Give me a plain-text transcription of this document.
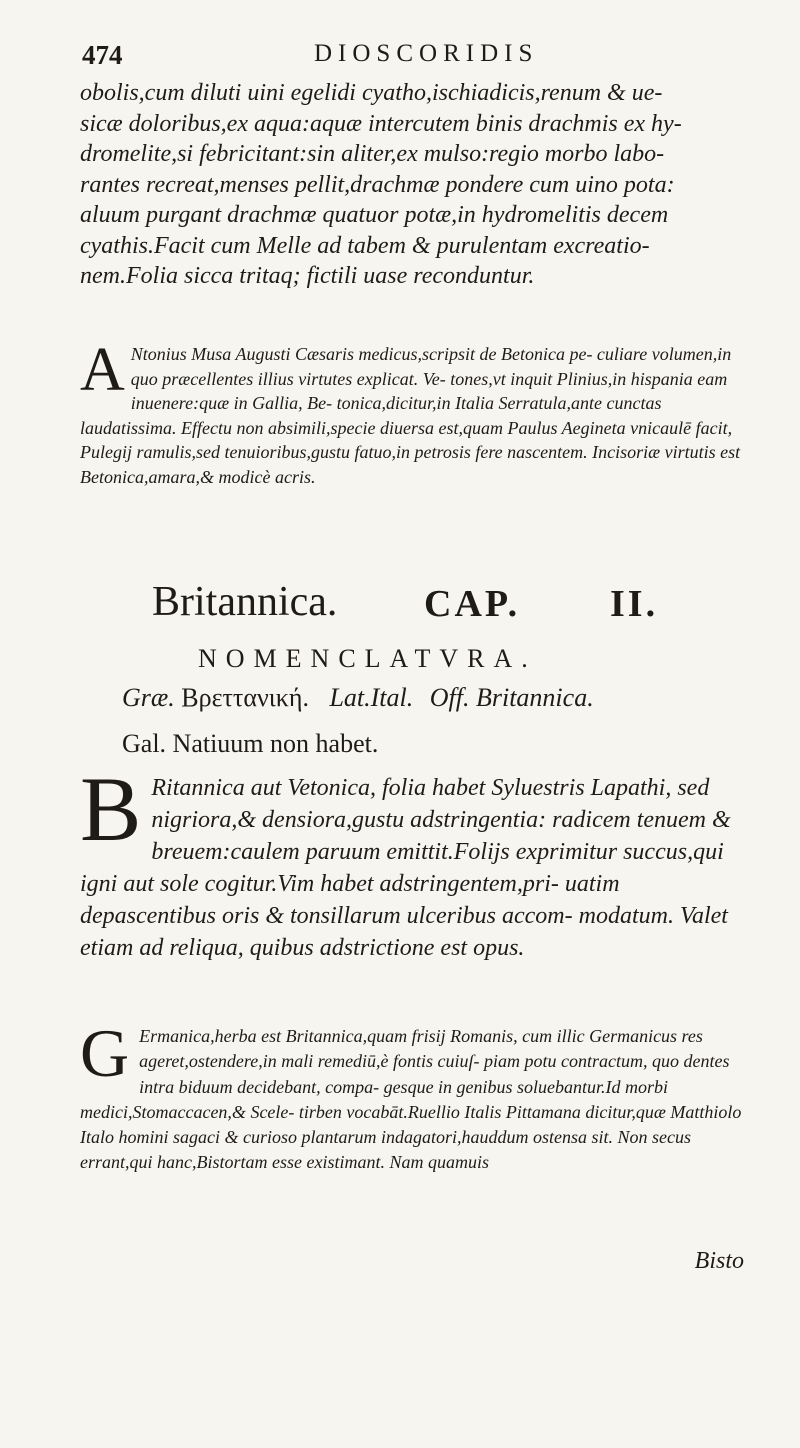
474	DIOSCORIDIS
obolis,cum diluti uini egelidi cyatho,ischiadicis,renum & ue-
sicæ doloribus,ex aqua:aquæ intercutem binis drachmis ex hy-
dromelite,si febricitant:sin aliter,ex mulso:regio morbo labo-
rantes recreat,menses pellit,drachmæ pondere cum uino pota:
aluum purgant drachmæ quatuor potæ,in hydromelitis decem
cyathis.Facit cum Melle ad tabem & purulentam excreatio-
nem.Folia sicca tritaq; fictili uase reconduntur.
A Ntonius Musa Augusti Cæsaris medicus,scripsit de Betonica pe- culiare volumen,in quo præcellentes illius virtutes explicat. Ve- tones,vt inquit Plinius,in hispania eam inuenere:quæ in Gallia, Be- tonica,dicitur,in Italia Serratula,ante cunctas laudatissima. Effectu non absimili,specie diuersa est,quam Paulus Aegineta vnicaulē facit, Pulegij ramulis,sed tenuioribus,gustu fatuo,in petrosis fere nascentem. Incisoriæ virtutis est Betonica,amara,& modicè acris.
Britannica. CAP. II.
NOMENCLATVRA.
Græ. Βρεττανική. Lat.Ital. Off. Britannica.
Gal. Natiuum non habet.
B Ritannica aut Vetonica, folia habet Syluestris Lapathi, sed nigriora,& densiora,gustu adstringentia: radicem tenuem & breuem:caulem paruum emittit.Folijs exprimitur succus,qui igni aut sole cogitur.Vim habet adstringentem,pri- uatim depascentibus oris & tonsillarum ulceribus accom- modatum. Valet etiam ad reliqua, quibus adstrictione est opus.
G Ermanica,herba est Britannica,quam frisij Romanis, cum illic Germanicus res ageret,ostendere,in mali remediū,è fontis cuiuſ- piam potu contractum, quo dentes intra biduum decidebant, compa- gesque in genibus soluebantur.Id morbi medici,Stomaccacen,& Scele- tirben vocabāt.Ruellio Italis Pittamana dicitur,quæ Matthiolo Italo homini sagaci & curioso plantarum indagatori,hauddum ostensa sit. Non secus errant,qui hanc,Bistortam esse existimant. Nam quamuis
Bisto
